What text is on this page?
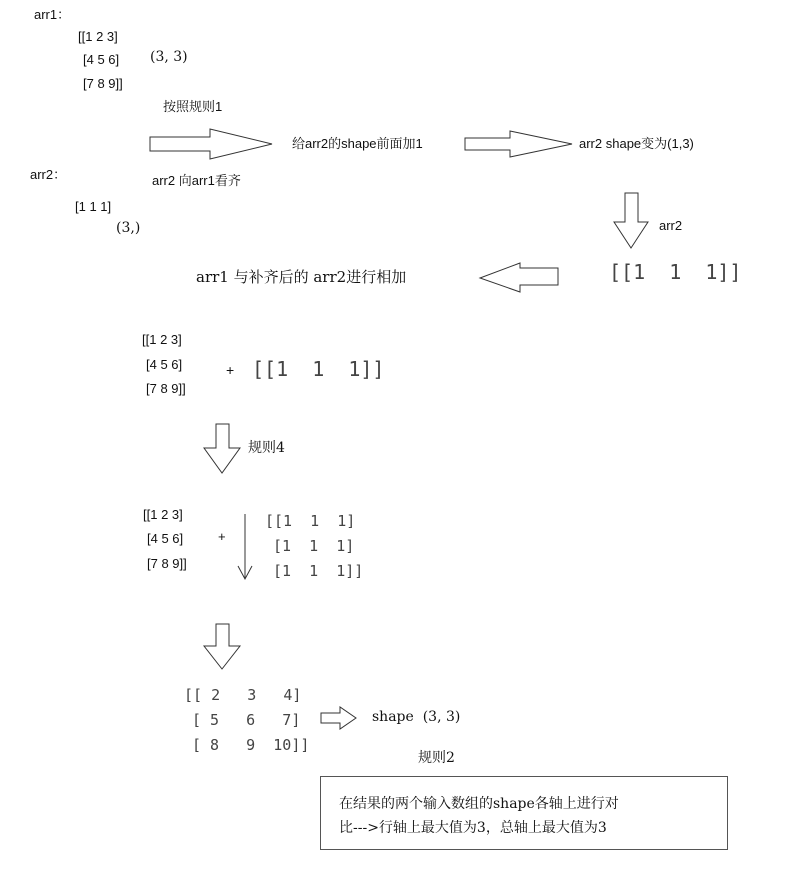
arr1：
[[1 2 3]
[4 5 6]
[7 8 9]]
(3, 3)
按照规则1
给arr2的shape前面加1	arr2 shape变为(1,3)
arr2 向arr1看齐
arr2：
[1 1 1]
(3,)	arr2
[[1  1  1]]
arr1 与补齐后的 arr2进行相加
[[1 2 3]
[4 5 6]
[7 8 9]]
+ [[1  1  1]]
规则4
[[1 2 3]
[4 5 6]
[7 8 9]]
+
[[1  1  1]
[1  1  1]
[1  1  1]]
[[ 2   3   4]
[ 5   6   7]
[ 8   9  10]]
shape  (3, 3)
规则2
在结果的两个输入数组的shape各轴上进行对
比--->行轴上最大值为3，总轴上最大值为3
